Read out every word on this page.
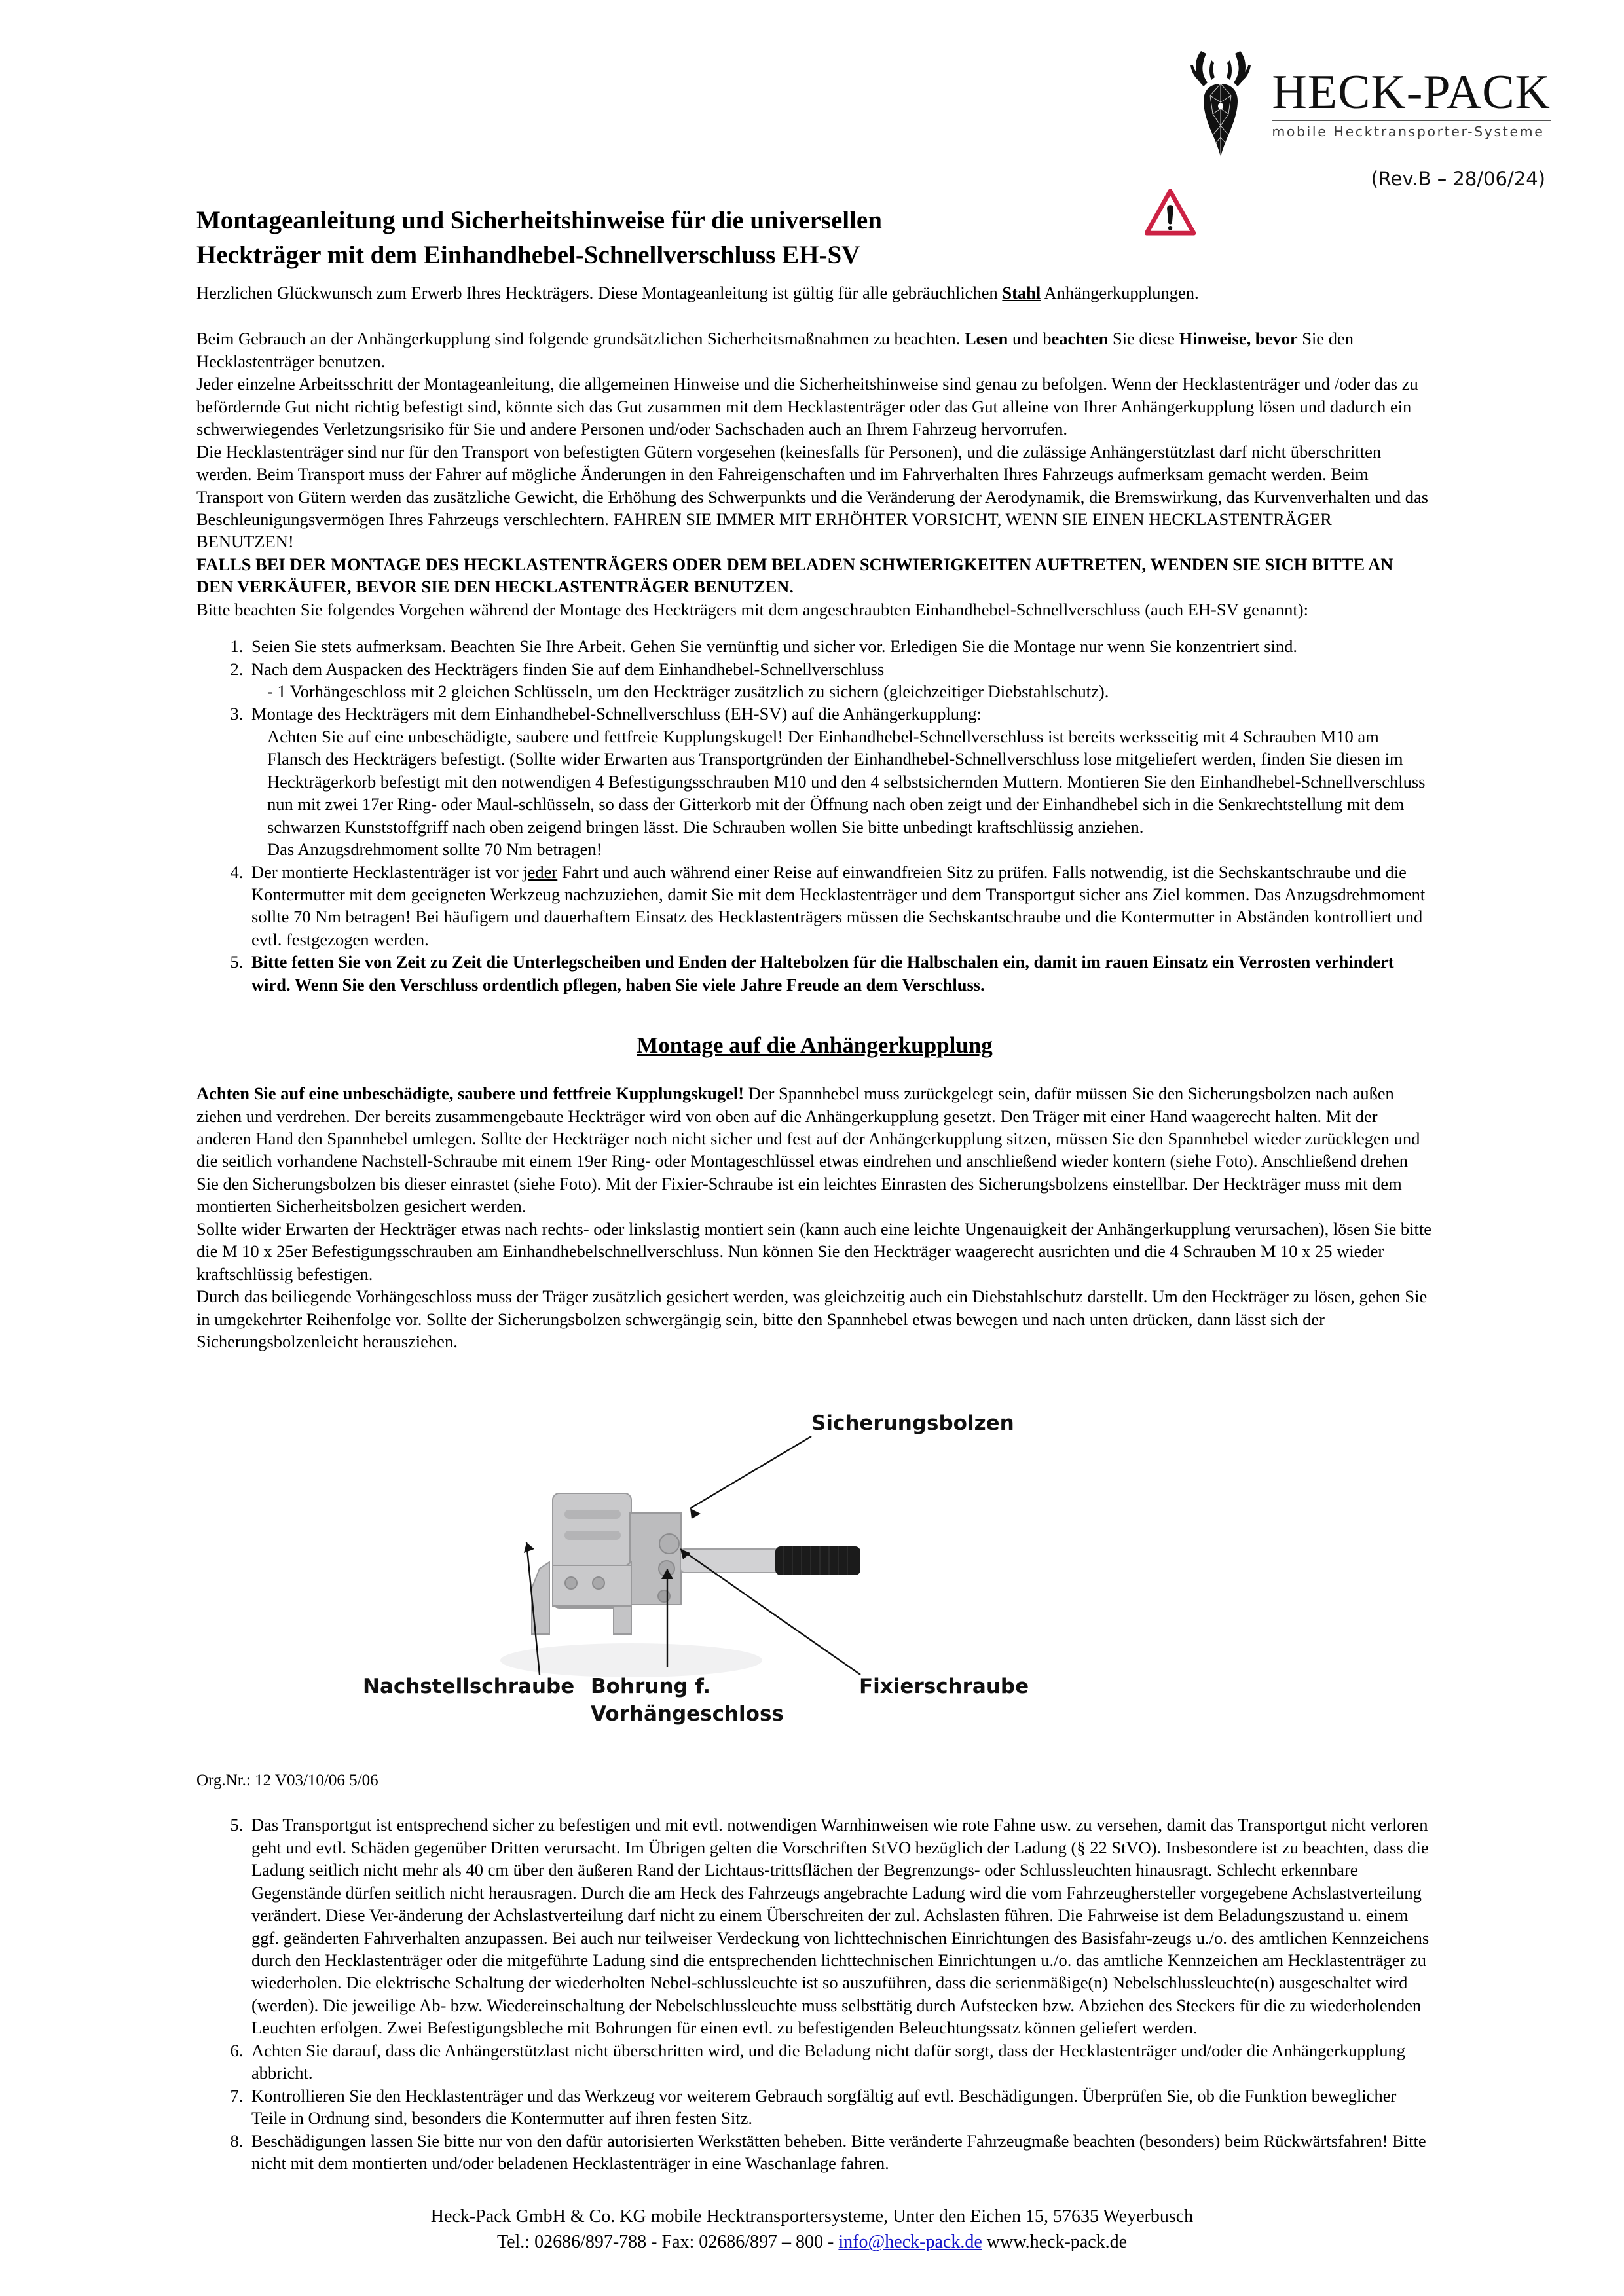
HECK-PACK
mobile Hecktransporter-Systeme
(Rev.B – 28/06/24)
Montageanleitung und Sicherheitshinweise für die universellen
Heckträger mit dem Einhandhebel-Schnellverschluss EH-SV

Herzlichen Glückwunsch zum Erwerb Ihres Heckträgers. Diese Montageanleitung ist gültig für alle gebräuchlichen Stahl Anhängerkupplungen.

Beim Gebrauch an der Anhängerkupplung sind folgende grundsätzlichen Sicherheitsmaßnahmen zu beachten. Lesen und beachten Sie diese Hinweise, bevor Sie den Hecklastenträger benutzen.

Jeder einzelne Arbeitsschritt der Montageanleitung, die allgemeinen Hinweise und die Sicherheitshinweise sind genau zu befolgen. Wenn der Hecklastenträger und /oder das zu befördernde Gut nicht richtig befestigt sind, könnte sich das Gut zusammen mit dem Hecklastenträger oder das Gut alleine von Ihrer Anhängerkupplung lösen und dadurch ein schwerwiegendes Verletzungsrisiko für Sie und andere Personen und/oder Sachschaden auch an Ihrem Fahrzeug hervorrufen.

Die Hecklastenträger sind nur für den Transport von befestigten Gütern vorgesehen (keinesfalls für Personen), und die zulässige Anhängerstützlast darf nicht überschritten werden. Beim Transport muss der Fahrer auf mögliche Änderungen in den Fahreigenschaften und im Fahrverhalten Ihres Fahrzeugs aufmerksam gemacht werden. Beim Transport von Gütern werden das zusätzliche Gewicht, die Erhöhung des Schwerpunkts und die Veränderung der Aerodynamik, die Bremswirkung, das Kurvenverhalten und das Beschleunigungsvermögen Ihres Fahrzeugs verschlechtern. FAHREN SIE IMMER MIT ERHÖHTER VORSICHT, WENN SIE EINEN HECKLASTENTRÄGER BENUTZEN!

FALLS BEI DER MONTAGE DES HECKLASTENTRÄGERS ODER DEM BELADEN SCHWIERIGKEITEN AUFTRETEN, WENDEN SIE SICH BITTE AN DEN VERKÄUFER, BEVOR SIE DEN HECKLASTENTRÄGER BENUTZEN.

Bitte beachten Sie folgendes Vorgehen während der Montage des Heckträgers mit dem angeschraubten Einhandhebel-Schnellverschluss (auch EH-SV genannt):

1. Seien Sie stets aufmerksam. Beachten Sie Ihre Arbeit. Gehen Sie vernünftig und sicher vor. Erledigen Sie die Montage nur wenn Sie konzentriert sind.
2. Nach dem Auspacken des Heckträgers finden Sie auf dem Einhandhebel-Schnellverschluss
- 1 Vorhängeschloss mit 2 gleichen Schlüsseln, um den Heckträger zusätzlich zu sichern (gleichzeitiger Diebstahlschutz).
3. Montage des Heckträgers mit dem Einhandhebel-Schnellverschluss (EH-SV) auf die Anhängerkupplung:
Achten Sie auf eine unbeschädigte, saubere und fettfreie Kupplungskugel! Der Einhandhebel-Schnellverschluss ist bereits werksseitig mit 4 Schrauben M10 am Flansch des Heckträgers befestigt. (Sollte wider Erwarten aus Transportgründen der Einhandhebel-Schnellverschluss lose mitgeliefert werden, finden Sie diesen im Heckträgerkorb befestigt mit den notwendigen 4 Befestigungsschrauben M10 und den 4 selbstsichernden Muttern. Montieren Sie den Einhandhebel-Schnellverschluss nun mit zwei 17er Ring- oder Maul-schlüsseln, so dass der Gitterkorb mit der Öffnung nach oben zeigt und der Einhandhebel sich in die Senkrechtstellung mit dem schwarzen Kunststoffgriff nach oben zeigend bringen lässt. Die Schrauben wollen Sie bitte unbedingt kraftschlüssig anziehen.
Das Anzugsdrehmoment sollte 70 Nm betragen!
4. Der montierte Hecklastenträger ist vor jeder Fahrt und auch während einer Reise auf einwandfreien Sitz zu prüfen. Falls notwendig, ist die Sechskantschraube und die Kontermutter mit dem geeigneten Werkzeug nachzuziehen, damit Sie mit dem Hecklastenträger und dem Transportgut sicher ans Ziel kommen. Das Anzugsdrehmoment sollte 70 Nm betragen! Bei häufigem und dauerhaftem Einsatz des Hecklastenträgers müssen die Sechskantschraube und die Kontermutter in Abständen kontrolliert und evtl. festgezogen werden.
5. Bitte fetten Sie von Zeit zu Zeit die Unterlegscheiben und Enden der Haltebolzen für die Halbschalen ein, damit im rauen Einsatz ein Verrosten verhindert wird. Wenn Sie den Verschluss ordentlich pflegen, haben Sie viele Jahre Freude an dem Verschluss.

Montage auf die Anhängerkupplung

Achten Sie auf eine unbeschädigte, saubere und fettfreie Kupplungskugel! Der Spannhebel muss zurückgelegt sein, dafür müssen Sie den Sicherungsbolzen nach außen ziehen und verdrehen. Der bereits zusammengebaute Heckträger wird von oben auf die Anhängerkupplung gesetzt. Den Träger mit einer Hand waagerecht halten. Mit der anderen Hand den Spannhebel umlegen. Sollte der Heckträger noch nicht sicher und fest auf der Anhängerkupplung sitzen, müssen Sie den Spannhebel wieder zurücklegen und die seitlich vorhandene Nachstell-Schraube mit einem 19er Ring- oder Montageschlüssel etwas eindrehen und anschließend wieder kontern (siehe Foto). Anschließend drehen Sie den Sicherungsbolzen bis dieser einrastet (siehe Foto). Mit der Fixier-Schraube ist ein leichtes Einrasten des Sicherungsbolzens einstellbar. Der Heckträger muss mit dem montierten Sicherheitsbolzen gesichert werden.

Sollte wider Erwarten der Heckträger etwas nach rechts- oder linkslastig montiert sein (kann auch eine leichte Ungenauigkeit der Anhängerkupplung verursachen), lösen Sie bitte die M 10 x 25er Befestigungsschrauben am Einhandhebelschnellverschluss. Nun können Sie den Heckträger waagerecht ausrichten und die 4 Schrauben M 10 x 25 wieder kraftschlüssig befestigen.

Durch das beiliegende Vorhängeschloss muss der Träger zusätzlich gesichert werden, was gleichzeitig auch ein Diebstahlschutz darstellt. Um den Heckträger zu lösen, gehen Sie in umgekehrter Reihenfolge vor. Sollte der Sicherungsbolzen schwergängig sein, bitte den Spannhebel etwas bewegen und nach unten drücken, dann lässt sich der Sicherungsbolzenleicht herausziehen.

Sicherungsbolzen
Nachstellschraube Bohrung f.
Vorhängeschloss
Fixierschraube

Org.Nr.: 12 V03/10/06 5/06

5. Das Transportgut ist entsprechend sicher zu befestigen und mit evtl. notwendigen Warnhinweisen wie rote Fahne usw. zu versehen, damit das Transportgut nicht verloren geht und evtl. Schäden gegenüber Dritten verursacht. Im Übrigen gelten die Vorschriften StVO bezüglich der Ladung (§ 22 StVO). Insbesondere ist zu beachten, dass die Ladung seitlich nicht mehr als 40 cm über den äußeren Rand der Lichtaus-trittsflächen der Begrenzungs- oder Schlussleuchten hinausragt. Schlecht erkennbare Gegenstände dürfen seitlich nicht herausragen. Durch die am Heck des Fahrzeugs angebrachte Ladung wird die vom Fahrzeughersteller vorgegebene Achslastverteilung verändert. Diese Ver-änderung der Achslastverteilung darf nicht zu einem Überschreiten der zul. Achslasten führen. Die Fahrweise ist dem Beladungszustand u. einem ggf. geänderten Fahrverhalten anzupassen. Bei auch nur teilweiser Verdeckung von lichttechnischen Einrichtungen des Basisfahr-zeugs u./o. des amtlichen Kennzeichens durch den Hecklastenträger oder die mitgeführte Ladung sind die entsprechenden lichttechnischen Einrichtungen u./o. das amtliche Kennzeichen am Hecklastenträger zu wiederholen. Die elektrische Schaltung der wiederholten Nebel-schlussleuchte ist so auszuführen, dass die serienmäßige(n) Nebelschlussleuchte(n) ausgeschaltet wird (werden). Die jeweilige Ab- bzw. Wiedereinschaltung der Nebelschlussleuchte muss selbsttätig durch Aufstecken bzw. Abziehen des Steckers für die zu wiederholenden Leuchten erfolgen. Zwei Befestigungsbleche mit Bohrungen für einen evtl. zu befestigenden Beleuchtungssatz können geliefert werden.
6. Achten Sie darauf, dass die Anhängerstützlast nicht überschritten wird, und die Beladung nicht dafür sorgt, dass der Hecklastenträger und/oder die Anhängerkupplung abbricht.
7. Kontrollieren Sie den Hecklastenträger und das Werkzeug vor weiterem Gebrauch sorgfältig auf evtl. Beschädigungen. Überprüfen Sie, ob die Funktion beweglicher Teile in Ordnung sind, besonders die Kontermutter auf ihren festen Sitz.
8. Beschädigungen lassen Sie bitte nur von den dafür autorisierten Werkstätten beheben. Bitte veränderte Fahrzeugmaße beachten (besonders) beim Rückwärtsfahren! Bitte nicht mit dem montierten und/oder beladenen Hecklastenträger in eine Waschanlage fahren.
Heck-Pack GmbH & Co. KG mobile Hecktransportersysteme, Unter den Eichen 15, 57635 Weyerbusch
Tel.: 02686/897-788 - Fax: 02686/897 – 800 - info@heck-pack.de www.heck-pack.de
